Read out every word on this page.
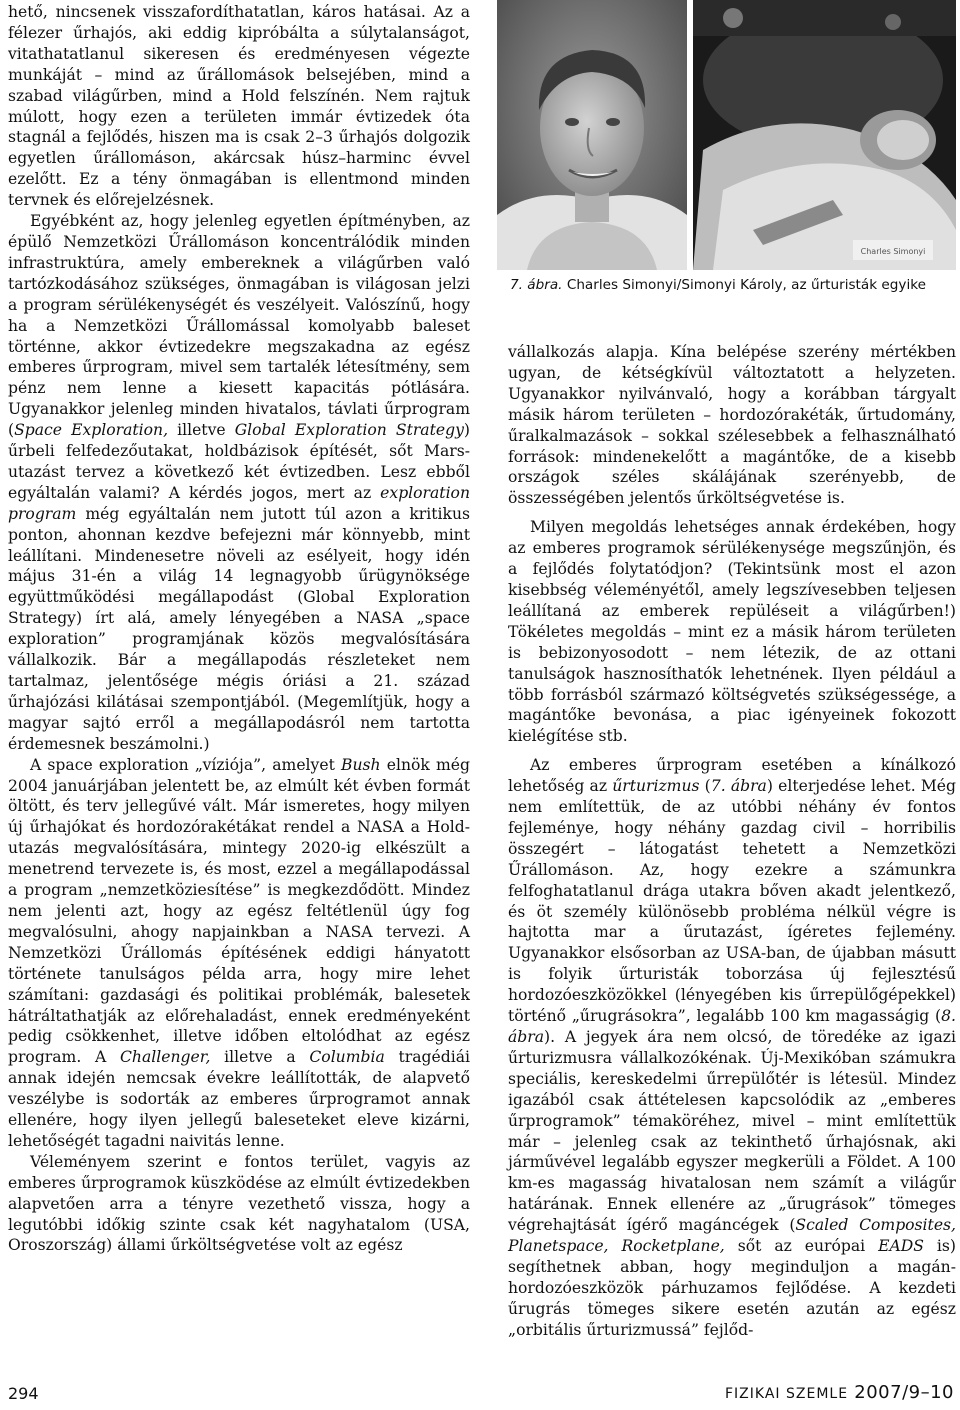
hető, nincsenek visszafordíthatatlan, káros hatásai. Az a félezer űrhajós, aki eddig kipróbálta a súlytalanságot, vitathatatlanul sikeresen és eredményesen végezte munkáját – mind az űrállomások belsejében, mind a szabad világűrben, mind a Hold felszínén. Nem rajtuk múlott, hogy ezen a területen immár évtizedek óta stagnál a fejlődés, hiszen ma is csak 2–3 űrhajós dolgozik egyetlen űrállomáson, akárcsak húsz–harminc évvel ezelőtt. Ez a tény önmagában is ellentmond minden tervnek és előrejelzésnek.

Egyébként az, hogy jelenleg egyetlen építményben, az épülő Nemzetközi Űrállomáson koncentrálódik minden infrastruktúra, amely embereknek a világűrben való tartózkodásához szükséges, önmagában is világosan jelzi a program sérülékenységét és veszélyeit. Valószínű, hogy ha a Nemzetközi Űrállomással komolyabb baleset történne, akkor évtizedekre megszakadna az egész emberes űrprogram, mivel sem tartalék létesítmény, sem pénz nem lenne a kiesett kapacitás pótlására. Ugyanakkor jelenleg minden hivatalos, távlati űrprogram (Space Exploration, illetve Global Exploration Strategy) űrbeli felfedezőutakat, holdbázisok építését, sőt Mars-utazást tervez a következő két évtizedben. Lesz ebből egyáltalán valami? A kérdés jogos, mert az exploration program még egyáltalán nem jutott túl azon a kritikus ponton, ahonnan kezdve befejezni már könnyebb, mint leállítani. Mindenesetre növeli az esélyeit, hogy idén május 31-én a világ 14 legnagyobb űrügynöksége együttműködési megállapodást (Global Exploration Strategy) írt alá, amely lényegében a NASA „space exploration” programjának közös megvalósítására vállalkozik. Bár a megállapodás részleteket nem tartalmaz, jelentősége mégis óriási a 21. század űrhajózási kilátásai szempontjából. (Megemlítjük, hogy a magyar sajtó erről a megállapodásról nem tartotta érdemesnek beszámolni.)

A space exploration „víziója”, amelyet Bush elnök még 2004 januárjában jelentett be, az elmúlt két évben formát öltött, és terv jellegűvé vált. Már ismeretes, hogy milyen új űrhajókat és hordozórakétákat rendel a NASA a Hold-utazás megvalósítására, mintegy 2020-ig elkészült a menetrend tervezete is, és most, ezzel a megállapodással a program „nemzetköziesítése” is megkezdődött. Mindez nem jelenti azt, hogy az egész feltétlenül úgy fog megvalósulni, ahogy napjainkban a NASA tervezi. A Nemzetközi Űrállomás építésének eddigi hányatott története tanulságos példa arra, hogy mire lehet számítani: gazdasági és politikai problémák, balesetek hátráltathatják az előrehaladást, ennek eredményeként pedig csökkenhet, illetve időben eltolódhat az egész program. A Challenger, illetve a Columbia tragédiái annak idején nemcsak évekre leállították, de alapvető veszélybe is sodorták az emberes űrprogramot annak ellenére, hogy ilyen jellegű baleseteket eleve kizárni, lehetőségét tagadni naivitás lenne.

Véleményem szerint e fontos terület, vagyis az emberes űrprogramok küszködése az elmúlt évtizedekben alapvetően arra a tényre vezethető vissza, hogy a legutóbbi időkig szinte csak két nagyhatalom (USA, Oroszország) állami űrköltségvetése volt az egész

Charles Simonyi
7. ábra. Charles Simonyi/Simonyi Károly, az űrturisták egyike

vállalkozás alapja. Kína belépése szerény mértékben ugyan, de kétségkívül változtatott a helyzeten. Ugyanakkor nyilvánvaló, hogy a korábban tárgyalt másik három területen – hordozórakéták, űrtudomány, űralkalmazások – sokkal szélesebbek a felhasználható források: mindenekelőtt a magántőke, de a kisebb országok széles skálájának szerényebb, de összességében jelentős űrköltségvetése is.

Milyen megoldás lehetséges annak érdekében, hogy az emberes programok sérülékenysége megszűnjön, és a fejlődés folytatódjon? (Tekintsünk most el azon kisebbség véleményétől, amely legszívesebben teljesen leállítaná az emberek repüléseit a világűrben!) Tökéletes megoldás – mint ez a másik három területen is bebizonyosodott – nem létezik, de az ottani tanulságok hasznosíthatók lehetnének. Ilyen például a több forrásból származó költségvetés szükségessége, a magántőke bevonása, a piac igényeinek fokozott kielégítése stb.

Az emberes űrprogram esetében a kínálkozó lehetőség az űrturizmus (7. ábra) elterjedése lehet. Még nem említettük, de az utóbbi néhány év fontos fejleménye, hogy néhány gazdag civil – horribilis összegért – látogatást tehetett a Nemzetközi Űrállomáson. Az, hogy ezekre a számunkra felfoghatatlanul drága utakra bőven akadt jelentkező, és öt személy különösebb probléma nélkül végre is hajtotta mar a űrutazást, ígéretes fejlemény. Ugyanakkor elsősorban az USA-ban, de újabban másutt is folyik űrturisták toborzása új fejlesztésű hordozóeszközökkel (lényegében kis űrrepülőgépekkel) történő „űrugrásokra”, legalább 100 km magasságig (8. ábra). A jegyek ára nem olcsó, de töredéke az igazi űrturizmusra vállalkozókénak. Új-Mexikóban számukra speciális, kereskedelmi űrrepülőtér is létesül. Mindez igazából csak áttételesen kapcsolódik az „emberes űrprogramok” témaköréhez, mivel – mint említettük már – jelenleg csak az tekinthető űrhajósnak, aki járművével legalább egyszer megkerüli a Földet. A 100 km-es magasság hivatalosan nem számít a világűr határának. Ennek ellenére az „űrugrások” tömeges végrehajtását ígérő magáncégek (Scaled Composites, Planetspace, Rocketplane, sőt az európai EADS is) segíthetnek abban, hogy meginduljon a magán-hordozóeszközök párhuzamos fejlődése. A kezdeti űrugrás tömeges sikere esetén azután az egész „orbitális űrturizmussá” fejlőd-

294	FIZIKAI SZEMLE 2007/9–10
